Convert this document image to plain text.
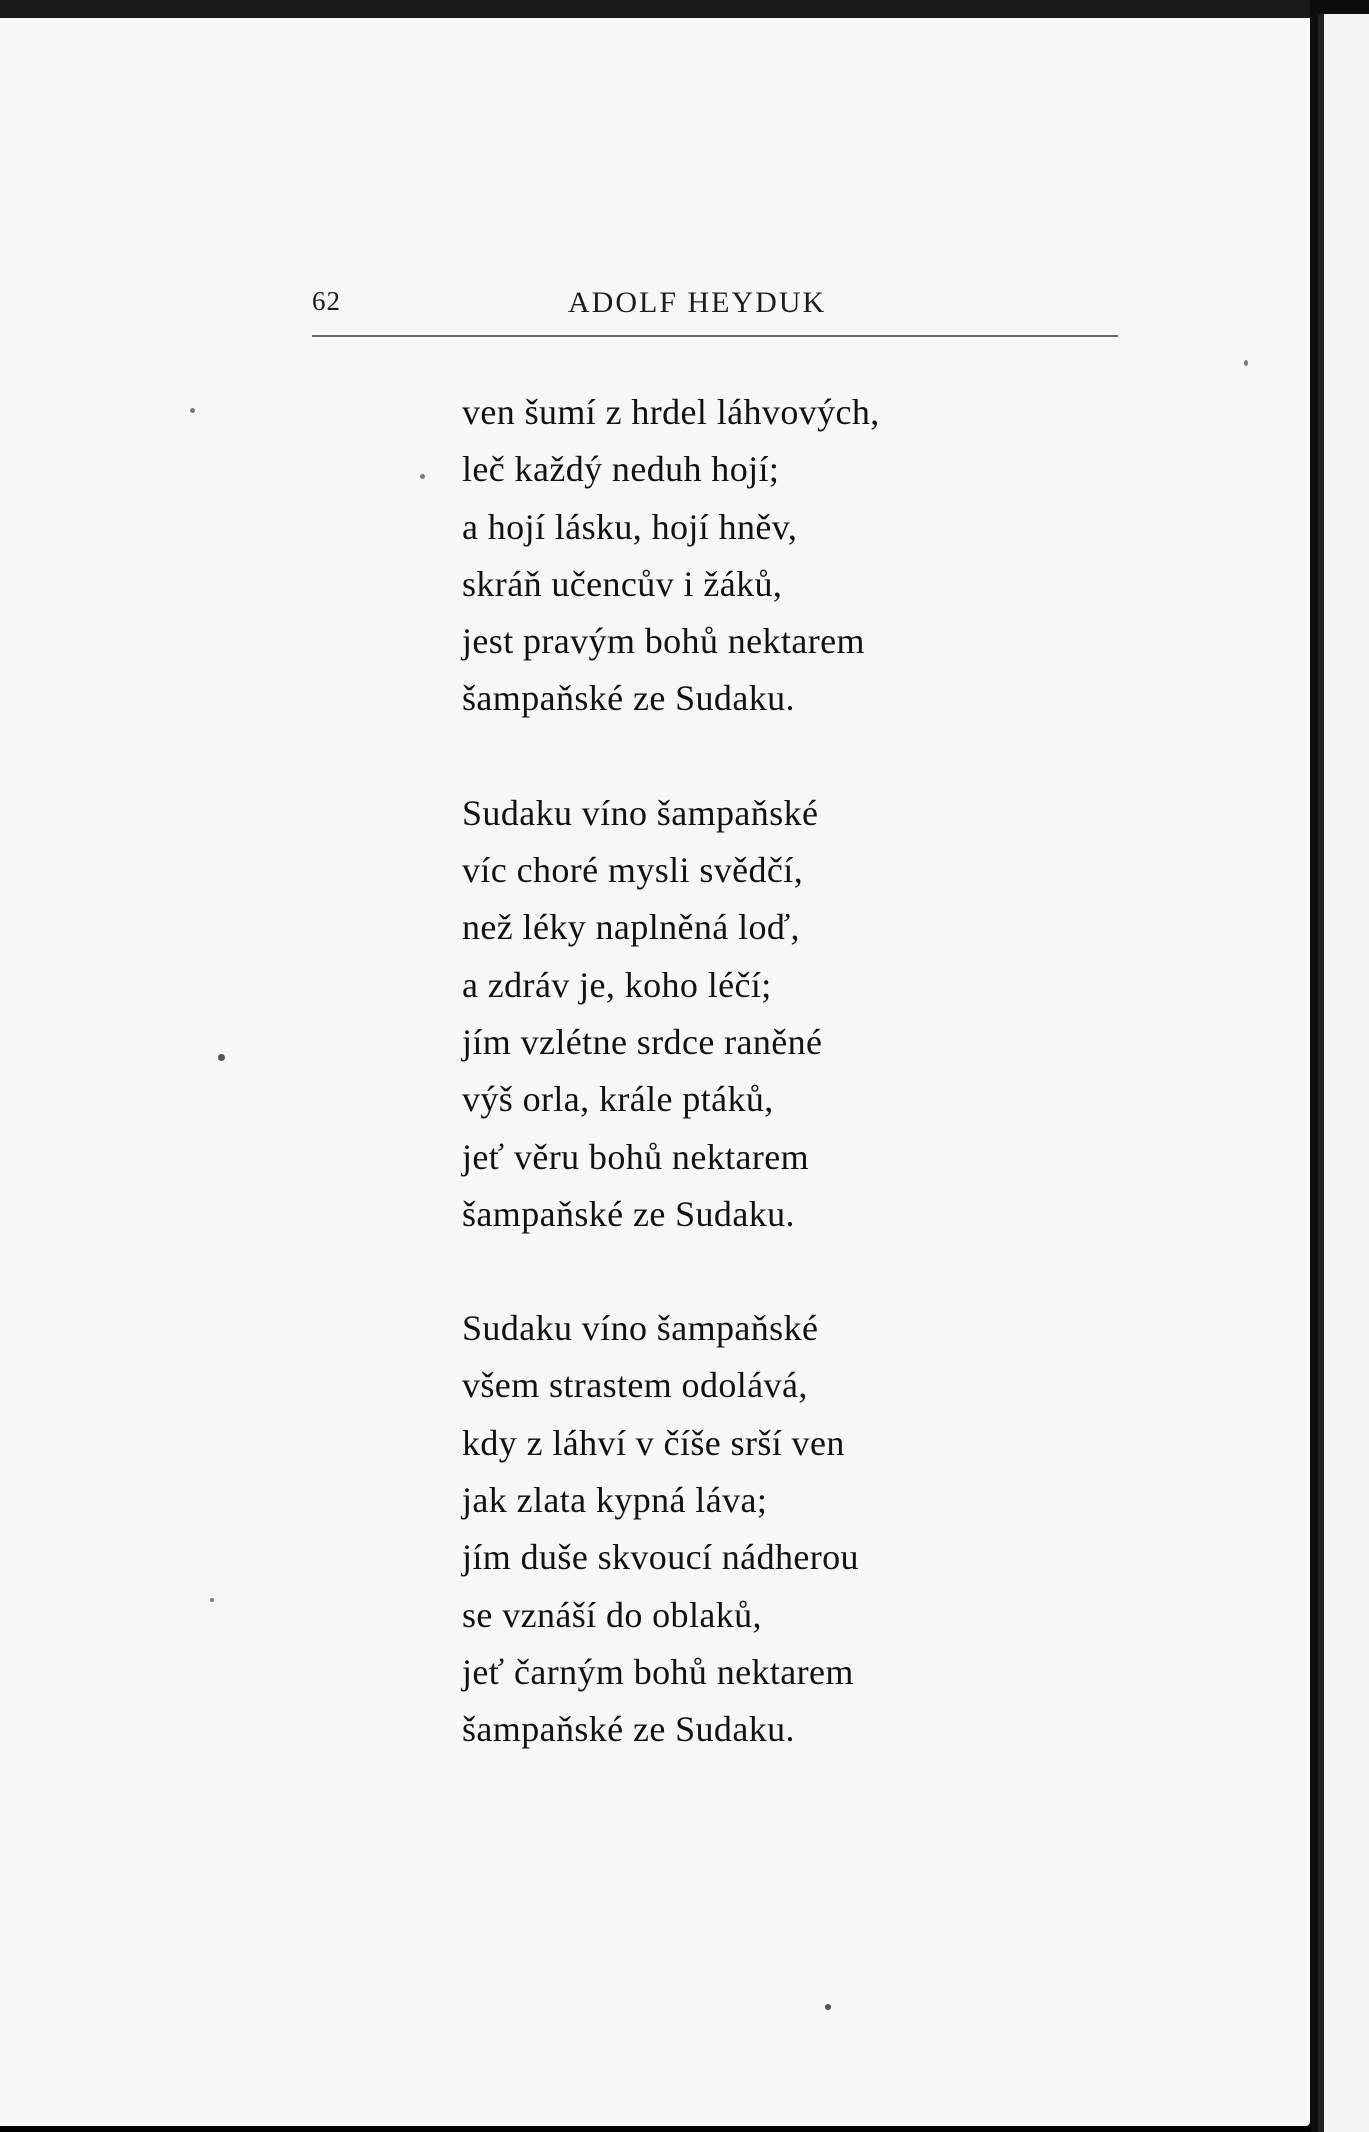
62	ADOLF HEYDUK
ven šumí z hrdel láhvových,
leč každý neduh hojí;
a hojí lásku, hojí hněv,
skráň učencův i žáků,
jest pravým bohů nektarem
šampaňské ze Sudaku.
Sudaku víno šampaňské
víc choré mysli svědčí,
než léky naplněná loď,
a zdráv je, koho léčí;
jím vzlétne srdce raněné
výš orla, krále ptáků,
jeť věru bohů nektarem
šampaňské ze Sudaku.
Sudaku víno šampaňské
všem strastem odolává,
kdy z láhví v číše srší ven
jak zlata kypná láva;
jím duše skvoucí nádherou
se vznáší do oblaků,
jeť čarným bohů nektarem
šampaňské ze Sudaku.
